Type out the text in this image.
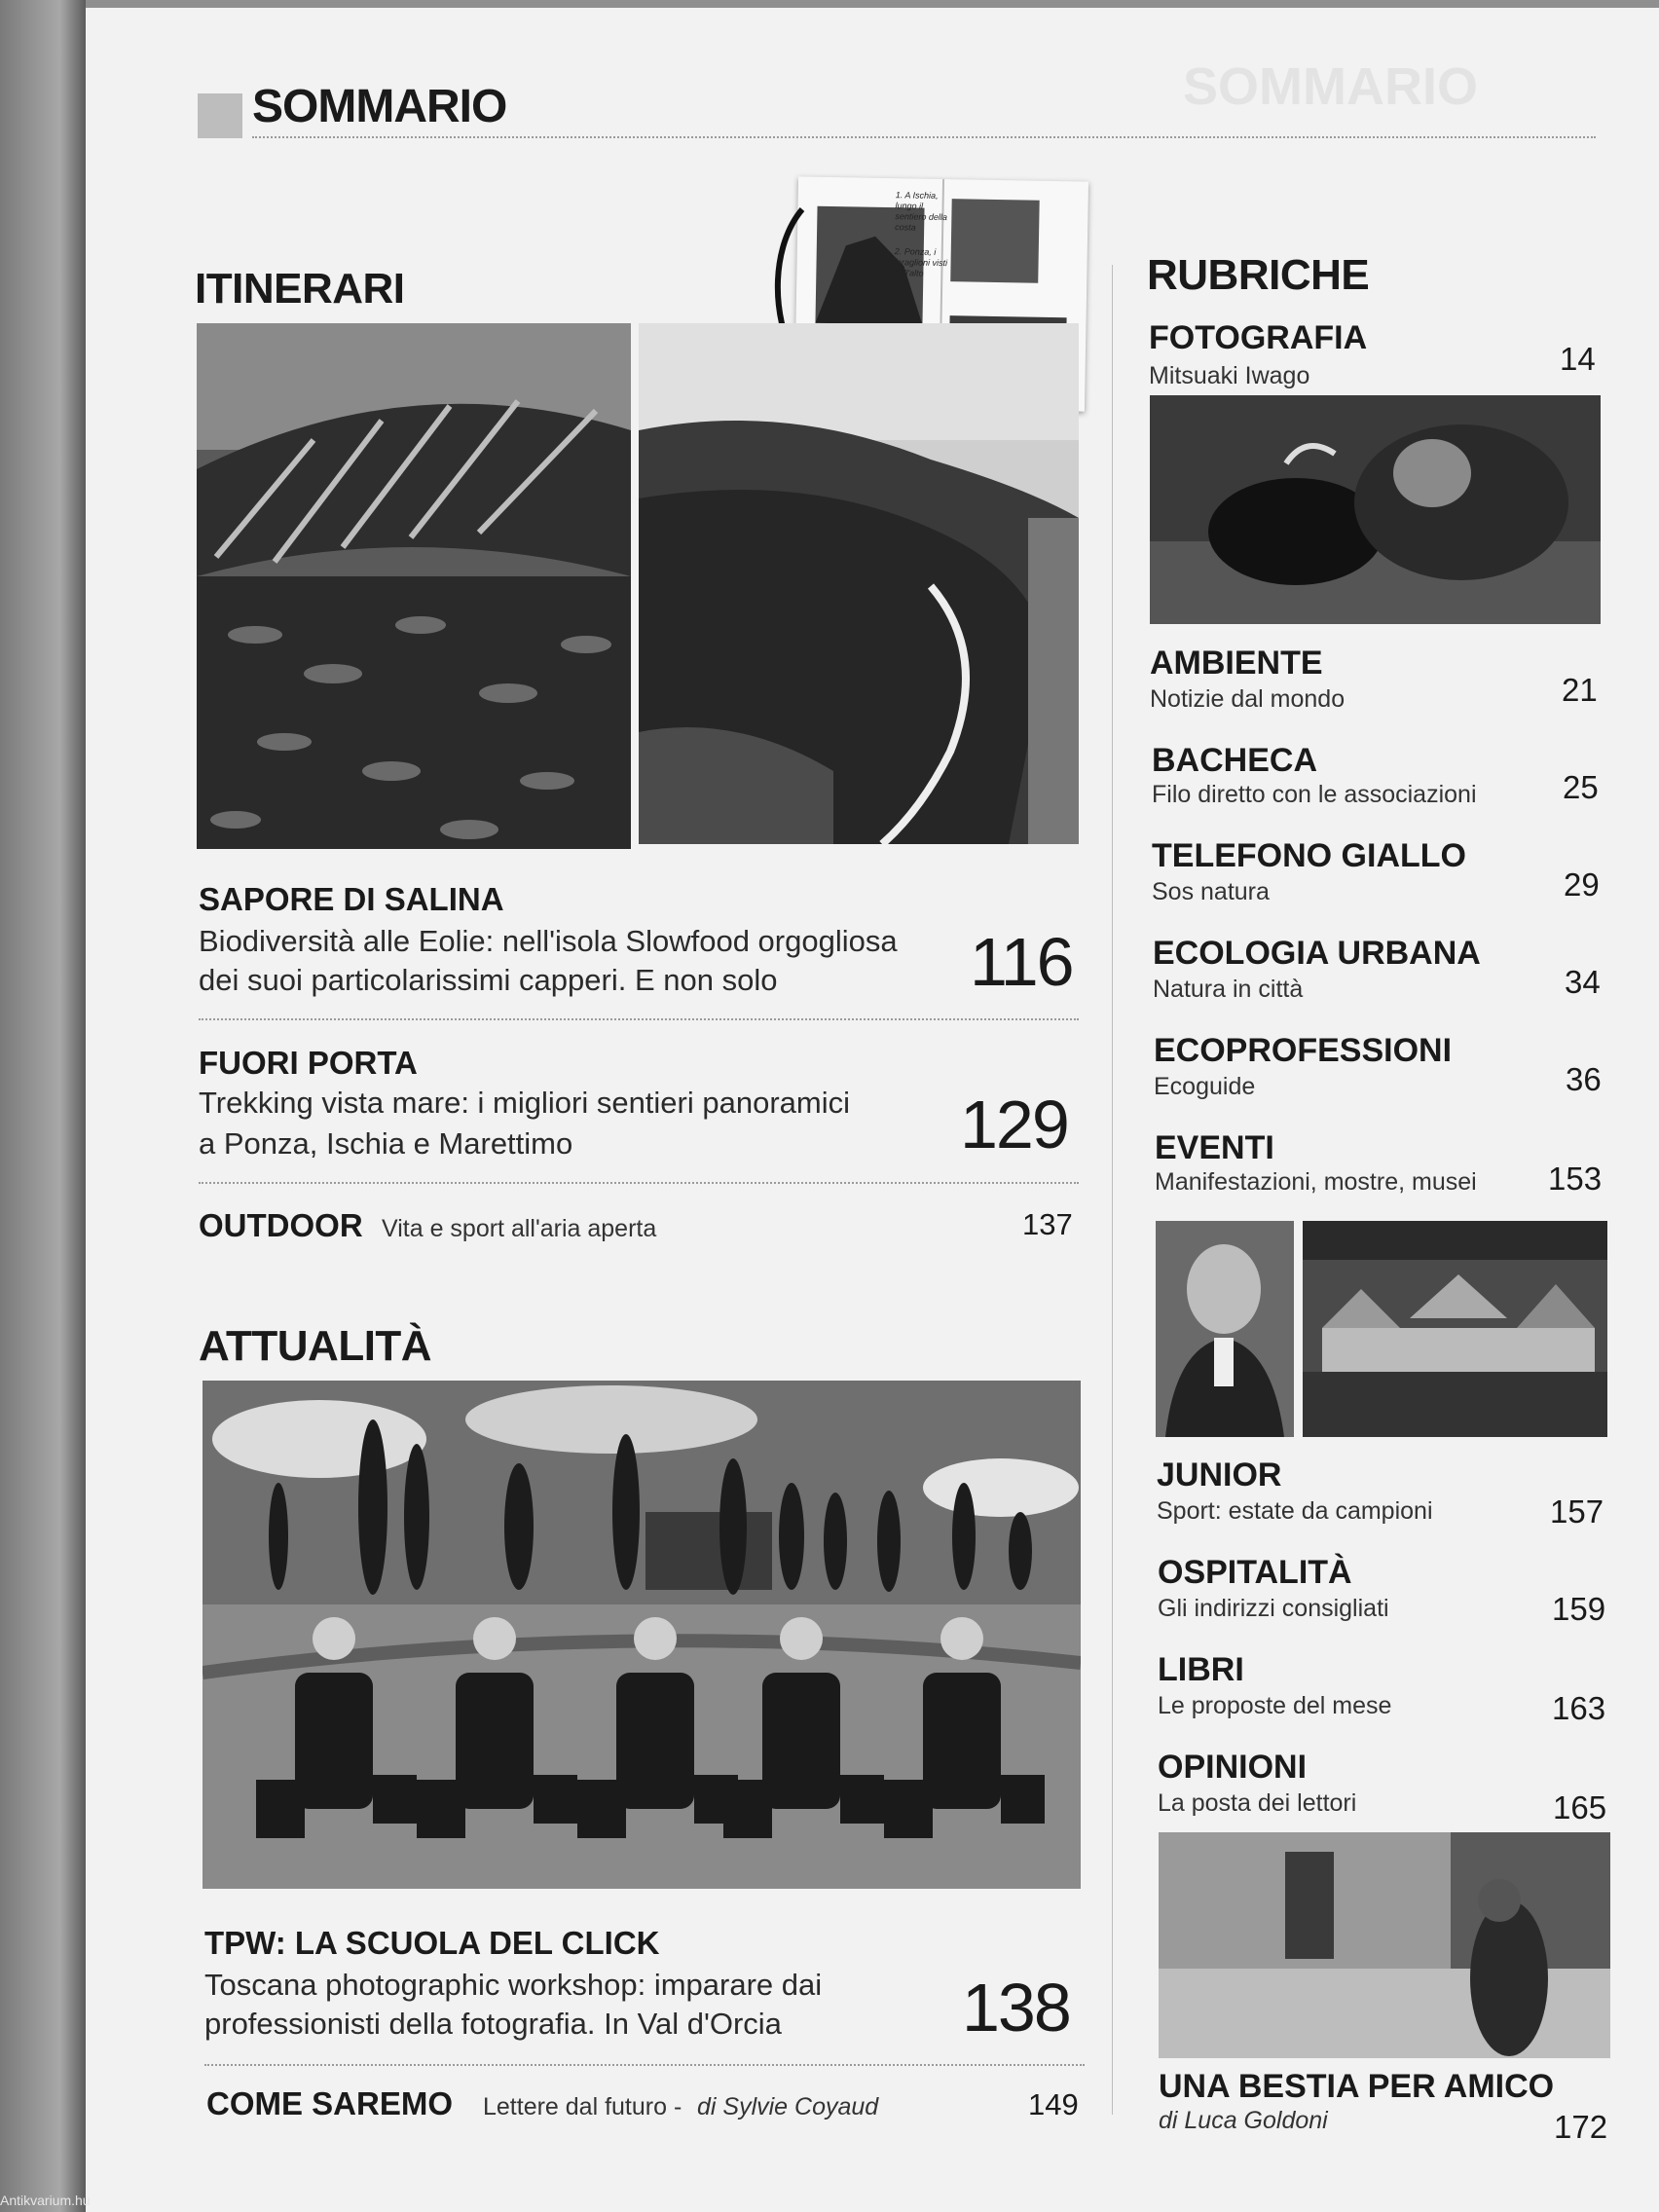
SOMMARIO
SOMMARIO
ITINERARI
1. A Ischia, lungo il sentiero della costa
2. Ponza, i faraglioni visti dall'alto
SAPORE DI SALINA
Biodiversità alle Eolie: nell'isola Slowfood orgogliosa
dei suoi particolarissimi capperi. E non solo	116
FUORI PORTA
Trekking vista mare: i migliori sentieri panoramici
a Ponza, Ischia e Marettimo	129
OUTDOOR Vita e sport all'aria aperta	137
ATTUALITÀ
TPW: LA SCUOLA DEL CLICK
Toscana photographic workshop: imparare dai
professionisti della fotografia. In Val d'Orcia	138
COME SAREMO Lettere dal futuro - di Sylvie Coyaud	149
RUBRICHE
FOTOGRAFIA
Mitsuaki Iwago	14
AMBIENTE
Notizie dal mondo	21
BACHECA
Filo diretto con le associazioni	25
TELEFONO GIALLO
Sos natura	29
ECOLOGIA URBANA
Natura in città	34
ECOPROFESSIONI
Ecoguide	36
EVENTI
Manifestazioni, mostre, musei 153
JUNIOR
Sport: estate da campioni	157
OSPITALITÀ
Gli indirizzi consigliati	159
LIBRI
Le proposte del mese	163
OPINIONI
La posta dei lettori	165
UNA BESTIA PER AMICO
di Luca Goldoni	172
Antikvarium.hu
